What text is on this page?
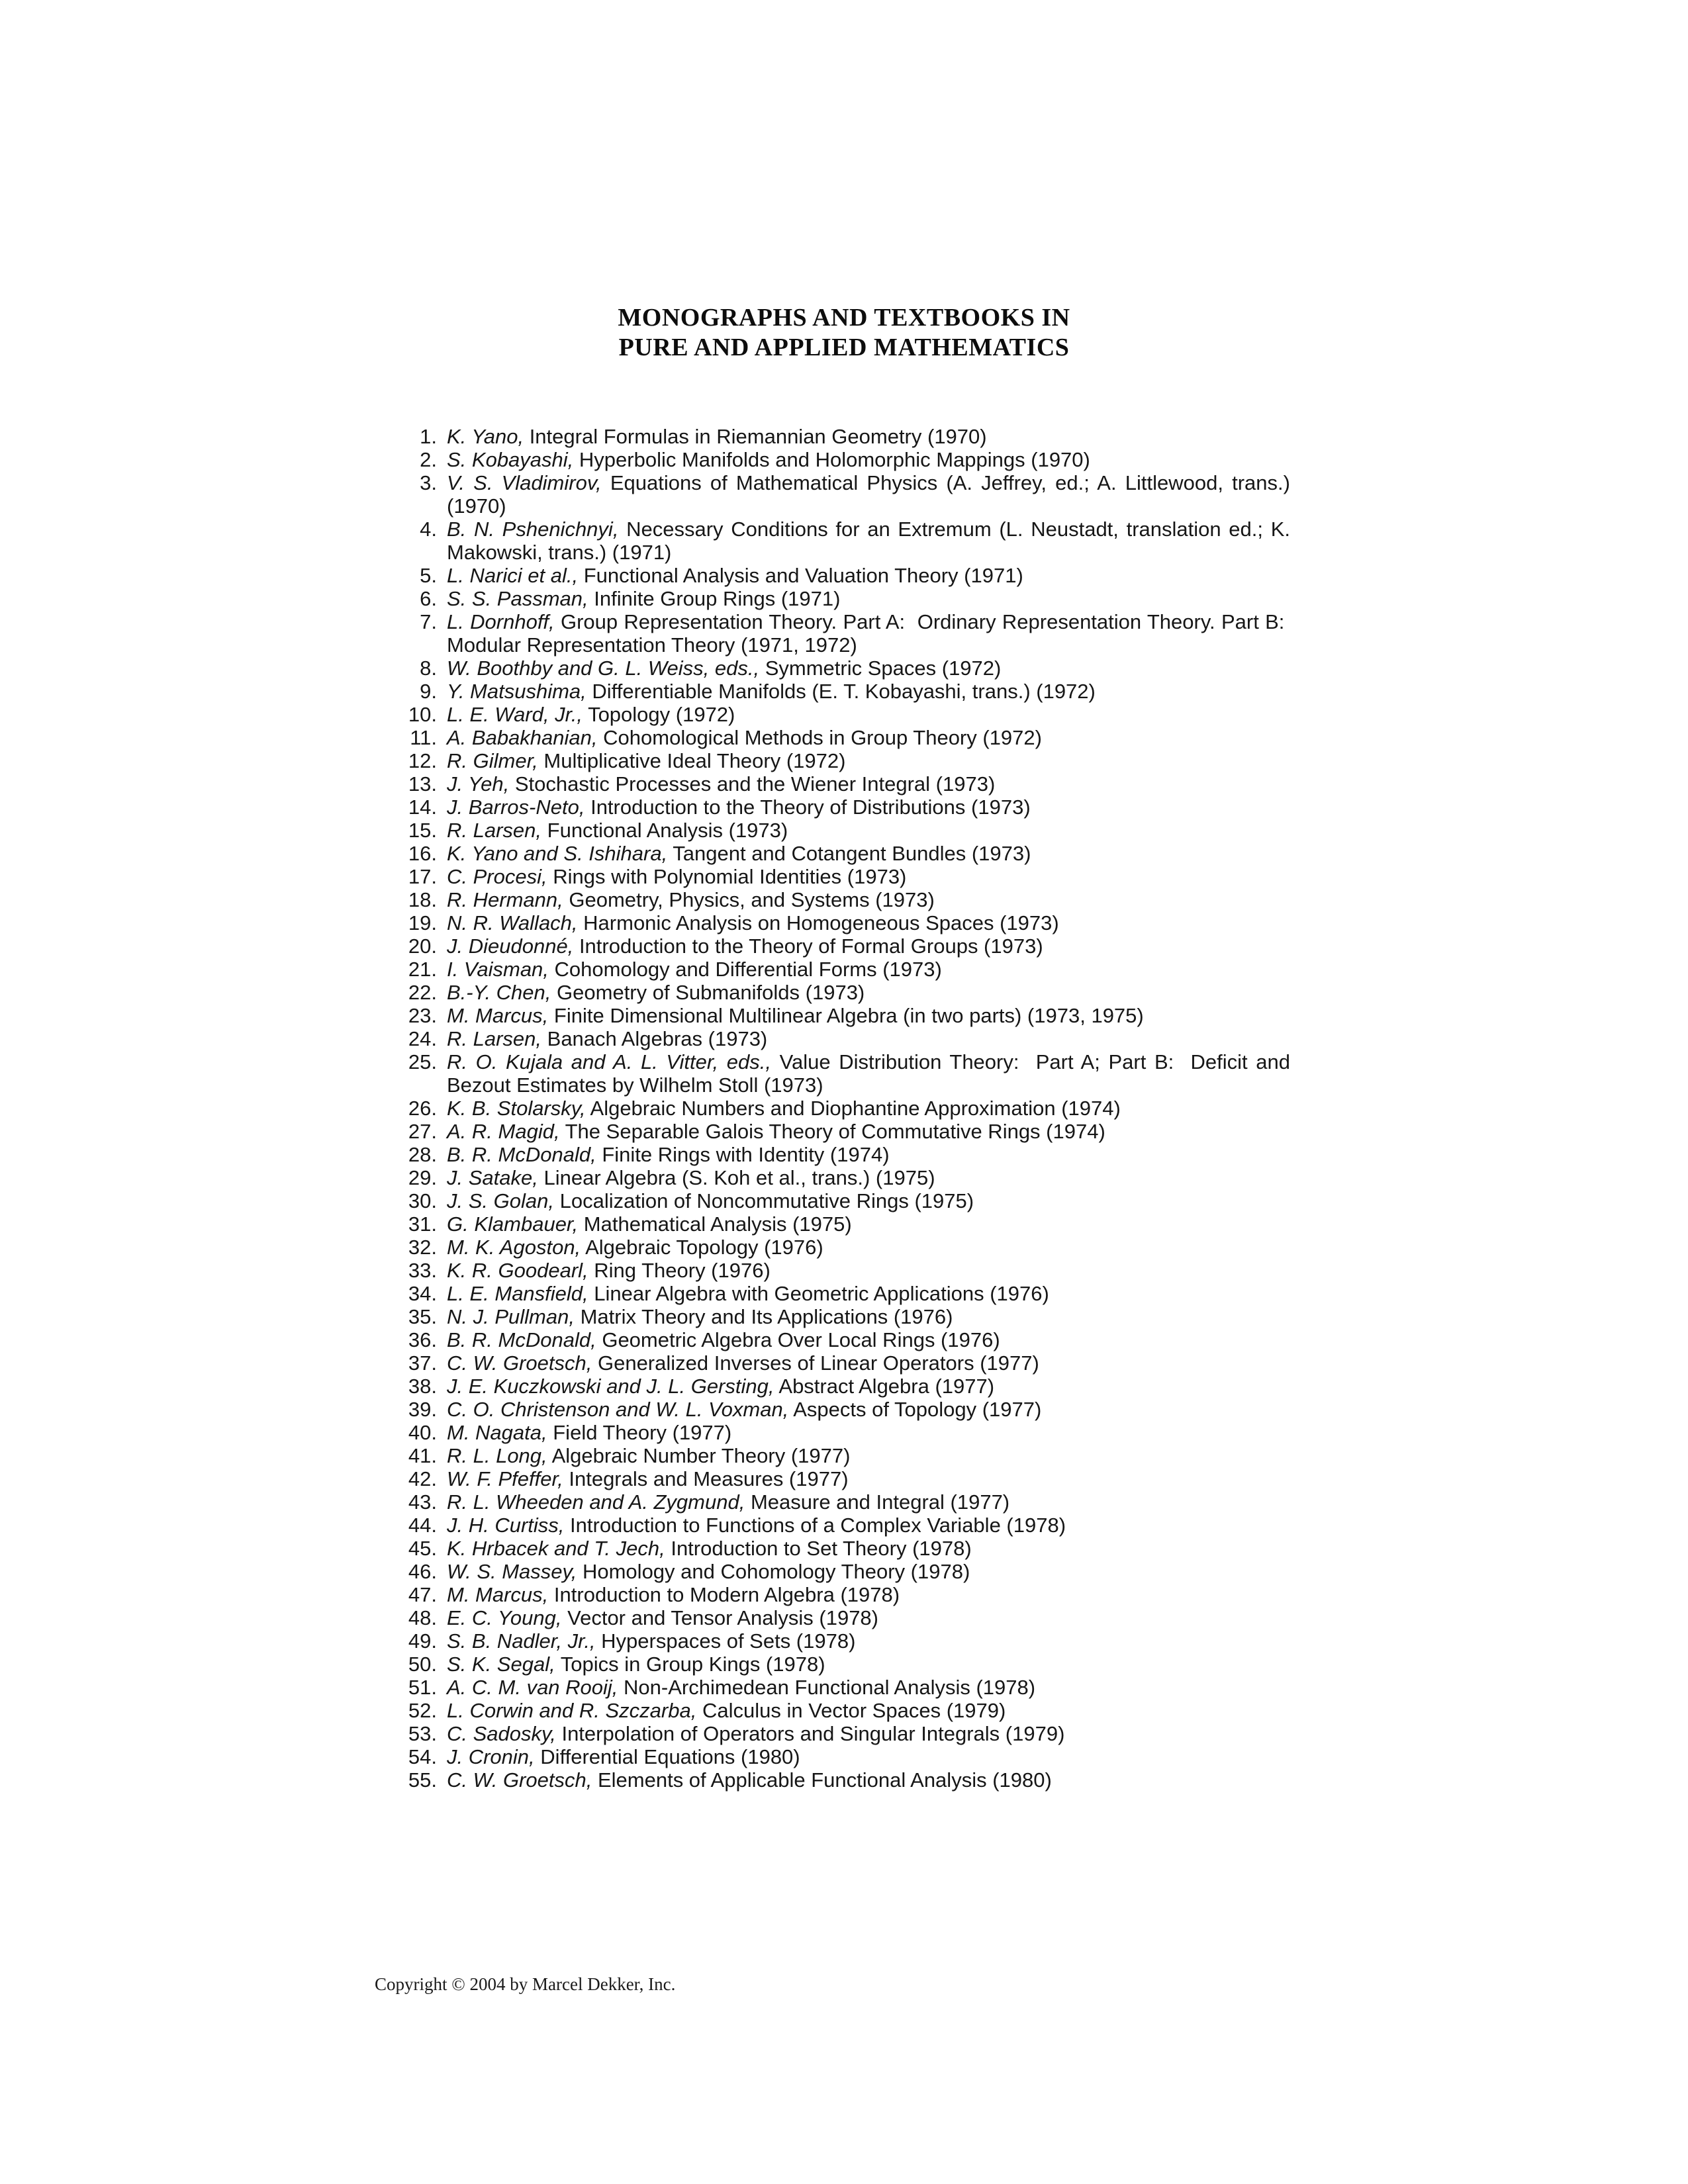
MONOGRAPHS AND TEXTBOOKS IN
PURE AND APPLIED MATHEMATICS
1. K. Yano, Integral Formulas in Riemannian Geometry (1970)
2. S. Kobayashi, Hyperbolic Manifolds and Holomorphic Mappings (1970)
3. V. S. Vladimirov, Equations of Mathematical Physics (A. Jeffrey, ed.; A. Littlewood, trans.) (1970)
4. B. N. Pshenichnyi, Necessary Conditions for an Extremum (L. Neustadt, translation ed.; K. Makowski, trans.) (1971)
5. L. Narici et al., Functional Analysis and Valuation Theory (1971)
6. S. S. Passman, Infinite Group Rings (1971)
7. L. Dornhoff, Group Representation Theory. Part A:  Ordinary Representation Theory. Part B:  Modular Representation Theory (1971, 1972)
8. W. Boothby and G. L. Weiss, eds., Symmetric Spaces (1972)
9. Y. Matsushima, Differentiable Manifolds (E. T. Kobayashi, trans.) (1972)
10. L. E. Ward, Jr., Topology (1972)
11. A. Babakhanian, Cohomological Methods in Group Theory (1972)
12. R. Gilmer, Multiplicative Ideal Theory (1972)
13. J. Yeh, Stochastic Processes and the Wiener Integral (1973)
14. J. Barros-Neto, Introduction to the Theory of Distributions (1973)
15. R. Larsen, Functional Analysis (1973)
16. K. Yano and S. Ishihara, Tangent and Cotangent Bundles (1973)
17. C. Procesi, Rings with Polynomial Identities (1973)
18. R. Hermann, Geometry, Physics, and Systems (1973)
19. N. R. Wallach, Harmonic Analysis on Homogeneous Spaces (1973)
20. J. Dieudonné, Introduction to the Theory of Formal Groups (1973)
21. I. Vaisman, Cohomology and Differential Forms (1973)
22. B.-Y. Chen, Geometry of Submanifolds (1973)
23. M. Marcus, Finite Dimensional Multilinear Algebra (in two parts) (1973, 1975)
24. R. Larsen, Banach Algebras (1973)
25. R. O. Kujala and A. L. Vitter, eds., Value Distribution Theory:  Part A; Part B:  Deficit and Bezout Estimates by Wilhelm Stoll (1973)
26. K. B. Stolarsky, Algebraic Numbers and Diophantine Approximation (1974)
27. A. R. Magid, The Separable Galois Theory of Commutative Rings (1974)
28. B. R. McDonald, Finite Rings with Identity (1974)
29. J. Satake, Linear Algebra (S. Koh et al., trans.) (1975)
30. J. S. Golan, Localization of Noncommutative Rings (1975)
31. G. Klambauer, Mathematical Analysis (1975)
32. M. K. Agoston, Algebraic Topology (1976)
33. K. R. Goodearl, Ring Theory (1976)
34. L. E. Mansfield, Linear Algebra with Geometric Applications (1976)
35. N. J. Pullman, Matrix Theory and Its Applications (1976)
36. B. R. McDonald, Geometric Algebra Over Local Rings (1976)
37. C. W. Groetsch, Generalized Inverses of Linear Operators (1977)
38. J. E. Kuczkowski and J. L. Gersting, Abstract Algebra (1977)
39. C. O. Christenson and W. L. Voxman, Aspects of Topology (1977)
40. M. Nagata, Field Theory (1977)
41. R. L. Long, Algebraic Number Theory (1977)
42. W. F. Pfeffer, Integrals and Measures (1977)
43. R. L. Wheeden and A. Zygmund, Measure and Integral (1977)
44. J. H. Curtiss, Introduction to Functions of a Complex Variable (1978)
45. K. Hrbacek and T. Jech, Introduction to Set Theory (1978)
46. W. S. Massey, Homology and Cohomology Theory (1978)
47. M. Marcus, Introduction to Modern Algebra (1978)
48. E. C. Young, Vector and Tensor Analysis (1978)
49. S. B. Nadler, Jr., Hyperspaces of Sets (1978)
50. S. K. Segal, Topics in Group Kings (1978)
51. A. C. M. van Rooij, Non-Archimedean Functional Analysis (1978)
52. L. Corwin and R. Szczarba, Calculus in Vector Spaces (1979)
53. C. Sadosky, Interpolation of Operators and Singular Integrals (1979)
54. J. Cronin, Differential Equations (1980)
55. C. W. Groetsch, Elements of Applicable Functional Analysis (1980)
Copyright © 2004 by Marcel Dekker, Inc.
